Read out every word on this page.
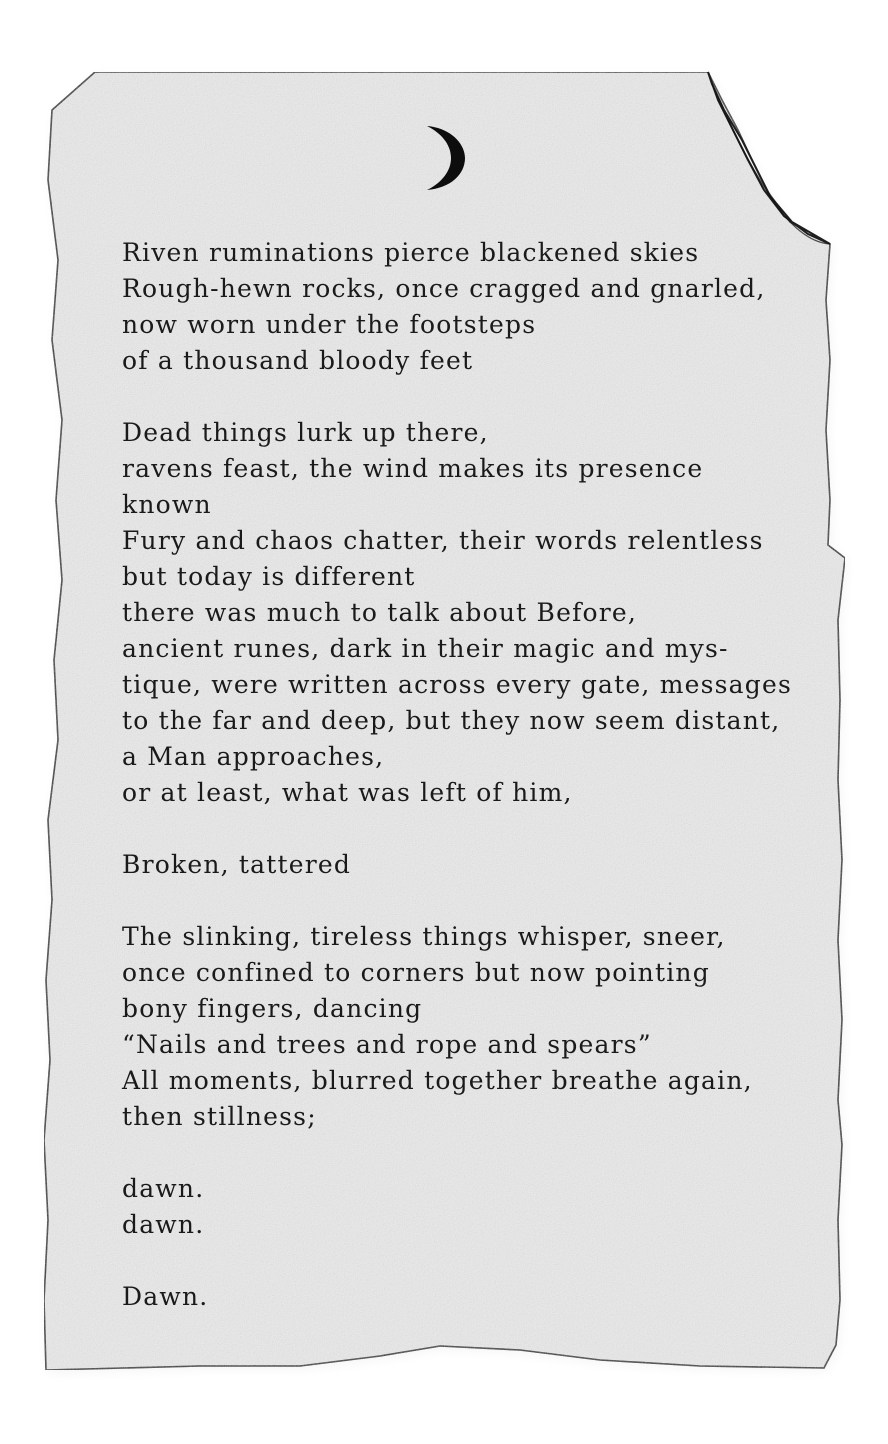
Riven ruminations pierce blackened skies
Rough-hewn rocks, once cragged and gnarled,
now worn under the footsteps
of a thousand bloody feet
Dead things lurk up there,
ravens feast, the wind makes its presence
known
Fury and chaos chatter, their words relentless
but today is different
there was much to talk about Before,
ancient runes, dark in their magic and mys-
tique, were written across every gate, messages
to the far and deep, but they now seem distant,
a Man approaches,
or at least, what was left of him,
Broken, tattered
The slinking, tireless things whisper, sneer,
once confined to corners but now pointing
bony fingers, dancing
“Nails and trees and rope and spears”
All moments, blurred together breathe again,
then stillness;
dawn.
dawn.
Dawn.
